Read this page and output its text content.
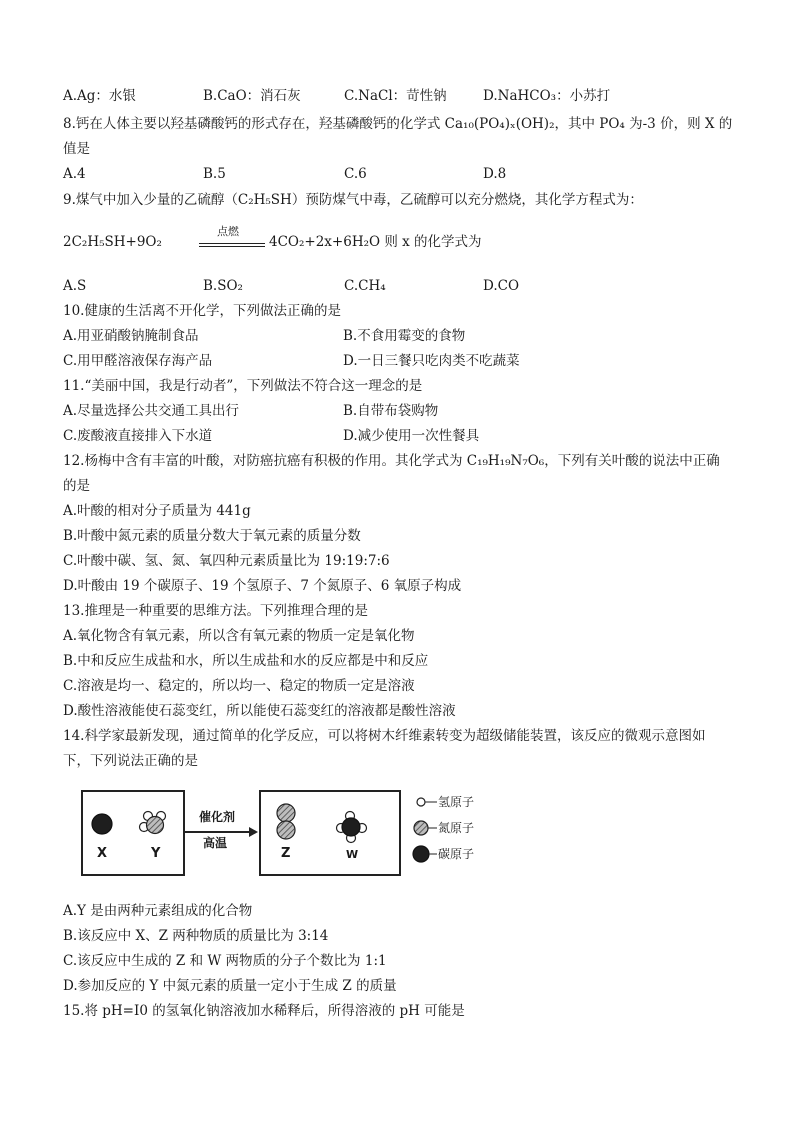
A.Ag：水银	B.CaO：消石灰	C.NaCl：苛性钠	D.NaHCO₃：小苏打
8.钙在人体主要以羟基磷酸钙的形式存在，羟基磷酸钙的化学式 Ca₁₀(PO₄)ₓ(OH)₂，其中 PO₄ 为-3 价，则 X 的
值是
A.4	B.5	C.6	D.8
9.煤气中加入少量的乙硫醇（C₂H₅SH）预防煤气中毒，乙硫醇可以充分燃烧，其化学方程式为：
2C₂H₅SH+9O₂
点燃
4CO₂+2x+6H₂O 则 x 的化学式为
A.S	B.SO₂	C.CH₄	D.CO
10.健康的生活离不开化学，下列做法正确的是
A.用亚硝酸钠腌制食品	B.不食用霉变的食物
C.用甲醛溶液保存海产品	D.一日三餐只吃肉类不吃蔬菜
11.“美丽中国，我是行动者”，下列做法不符合这一理念的是
A.尽量选择公共交通工具出行	B.自带布袋购物
C.废酸液直接排入下水道	D.减少使用一次性餐具
12.杨梅中含有丰富的叶酸，对防癌抗癌有积极的作用。其化学式为 C₁₉H₁₉N₇O₆，下列有关叶酸的说法中正确
的是
A.叶酸的相对分子质量为 441g
B.叶酸中氮元素的质量分数大于氧元素的质量分数
C.叶酸中碳、氢、氮、氧四种元素质量比为 19:19:7:6
D.叶酸由 19 个碳原子、19 个氢原子、7 个氮原子、6 氧原子构成
13.推理是一种重要的思维方法。下列推理合理的是
A.氧化物含有氧元素，所以含有氧元素的物质一定是氧化物
B.中和反应生成盐和水，所以生成盐和水的反应都是中和反应
C.溶液是均一、稳定的，所以均一、稳定的物质一定是溶液
D.酸性溶液能使石蕊变红，所以能使石蕊变红的溶液都是酸性溶液
14.科学家最新发现，通过简单的化学反应，可以将树木纤维素转变为超级储能装置，该反应的微观示意图如
下，下列说法正确的是
X	Y
催化剂
高温
Z	W
氢原子
氮原子
碳原子
A.Y 是由两种元素组成的化合物
B.该反应中 X、Z 两种物质的质量比为 3:14
C.该反应中生成的 Z 和 W 两物质的分子个数比为 1:1
D.参加反应的 Y 中氮元素的质量一定小于生成 Z 的质量
15.将 pH=I0 的氢氧化钠溶液加水稀释后，所得溶液的 pH 可能是
